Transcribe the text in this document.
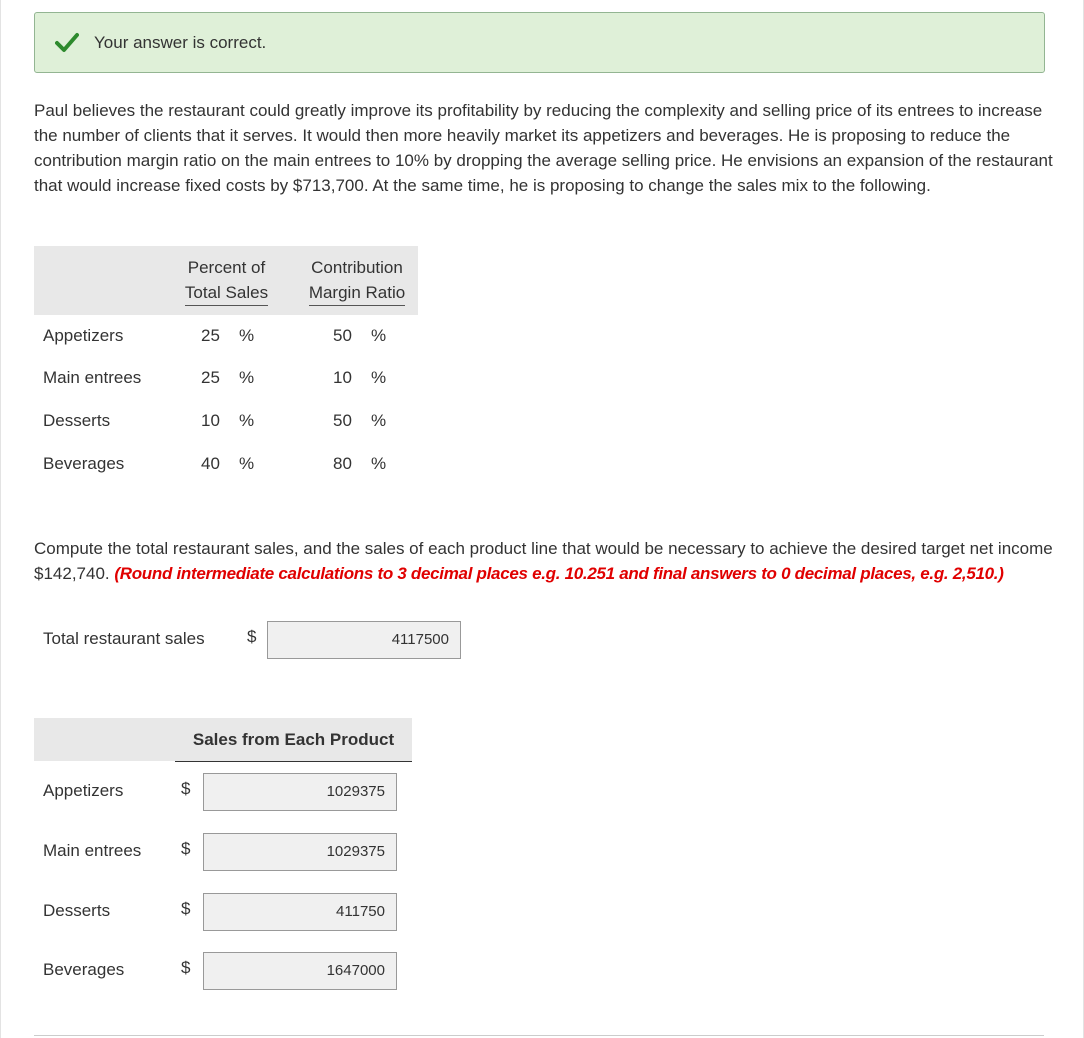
Your answer is correct.

Paul believes the restaurant could greatly improve its profitability by reducing the complexity and selling price of its entrees to increase the number of clients that it serves. It would then more heavily market its appetizers and beverages. He is proposing to reduce the contribution margin ratio on the main entrees to 10% by dropping the average selling price. He envisions an expansion of the restaurant that would increase fixed costs by $713,700. At the same time, he is proposing to change the sales mix to the following.

Percent of
Total Sales
Contribution
Margin Ratio
Appetizers	25 %	50 %
Main entrees	25 %	10 %
Desserts	10 %	50 %
Beverages	40 %	80 %

Compute the total restaurant sales, and the sales of each product line that would be necessary to achieve the desired target net income $142,740. (Round intermediate calculations to 3 decimal places e.g. 10.251 and final answers to 0 decimal places, e.g. 2,510.)

Total restaurant sales $	4117500
Sales from Each Product
Appetizers	$	1029375
Main entrees $	1029375
Desserts	$	411750
Beverages	$	1647000
